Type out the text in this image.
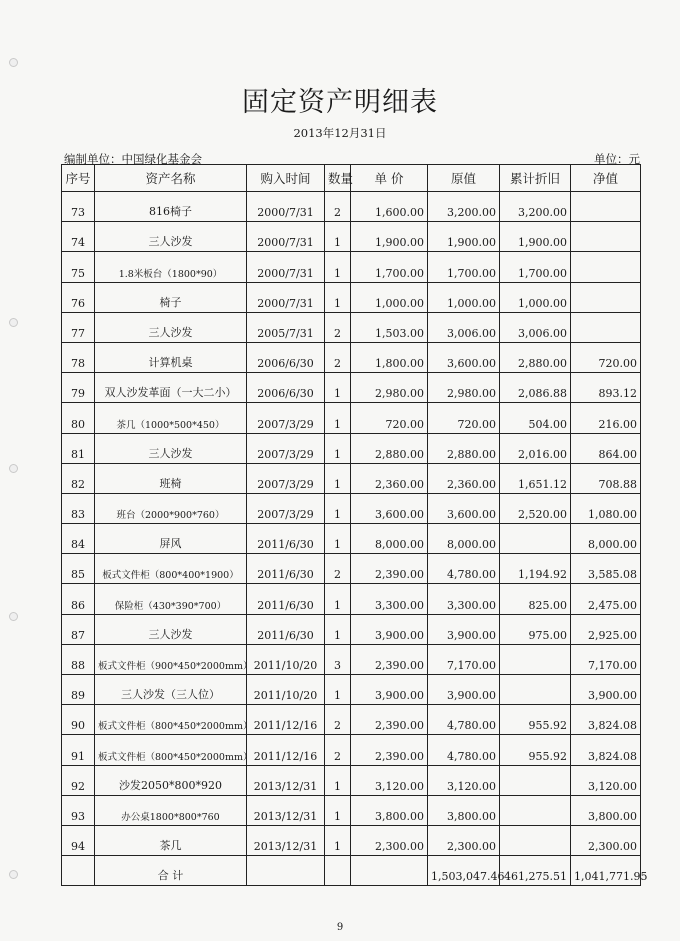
固定资产明细表
2013年12月31日
编制单位：中国绿化基金会	单位：元
序号	资产名称	购入时间	数量	单 价	原值	累计折旧	净值
73	816椅子	2000/7/31	2	1,600.00	3,200.00	3,200.00	
74	三人沙发	2000/7/31	1	1,900.00	1,900.00	1,900.00	
75	1.8米板台（1800*90）	2000/7/31	1	1,700.00	1,700.00	1,700.00	
76	椅子	2000/7/31	1	1,000.00	1,000.00	1,000.00	
77	三人沙发	2005/7/31	2	1,503.00	3,006.00	3,006.00	
78	计算机桌	2006/6/30	2	1,800.00	3,600.00	2,880.00	720.00
79	双人沙发革面（一大二小）	2006/6/30	1	2,980.00	2,980.00	2,086.88	893.12
80	茶几（1000*500*450）	2007/3/29	1	720.00	720.00	504.00	216.00
81	三人沙发	2007/3/29	1	2,880.00	2,880.00	2,016.00	864.00
82	班椅	2007/3/29	1	2,360.00	2,360.00	1,651.12	708.88
83	班台（2000*900*760）	2007/3/29	1	3,600.00	3,600.00	2,520.00	1,080.00
84	屏风	2011/6/30	1	8,000.00	8,000.00		8,000.00
85	板式文件柜（800*400*1900）	2011/6/30	2	2,390.00	4,780.00	1,194.92	3,585.08
86	保险柜（430*390*700）	2011/6/30	1	3,300.00	3,300.00	825.00	2,475.00
87	三人沙发	2011/6/30	1	3,900.00	3,900.00	975.00	2,925.00
88	板式文件柜（900*450*2000mm）	2011/10/20	3	2,390.00	7,170.00		7,170.00
89	三人沙发（三人位）	2011/10/20	1	3,900.00	3,900.00		3,900.00
90	板式文件柜（800*450*2000mm）	2011/12/16	2	2,390.00	4,780.00	955.92	3,824.08
91	板式文件柜（800*450*2000mm）	2011/12/16	2	2,390.00	4,780.00	955.92	3,824.08
92	沙发2050*800*920	2013/12/31	1	3,120.00	3,120.00		3,120.00
93	办公桌1800*800*760	2013/12/31	1	3,800.00	3,800.00		3,800.00
94	茶几	2013/12/31	1	2,300.00	2,300.00		2,300.00
	合 计				1,503,047.46	461,275.51	1,041,771.95
9
